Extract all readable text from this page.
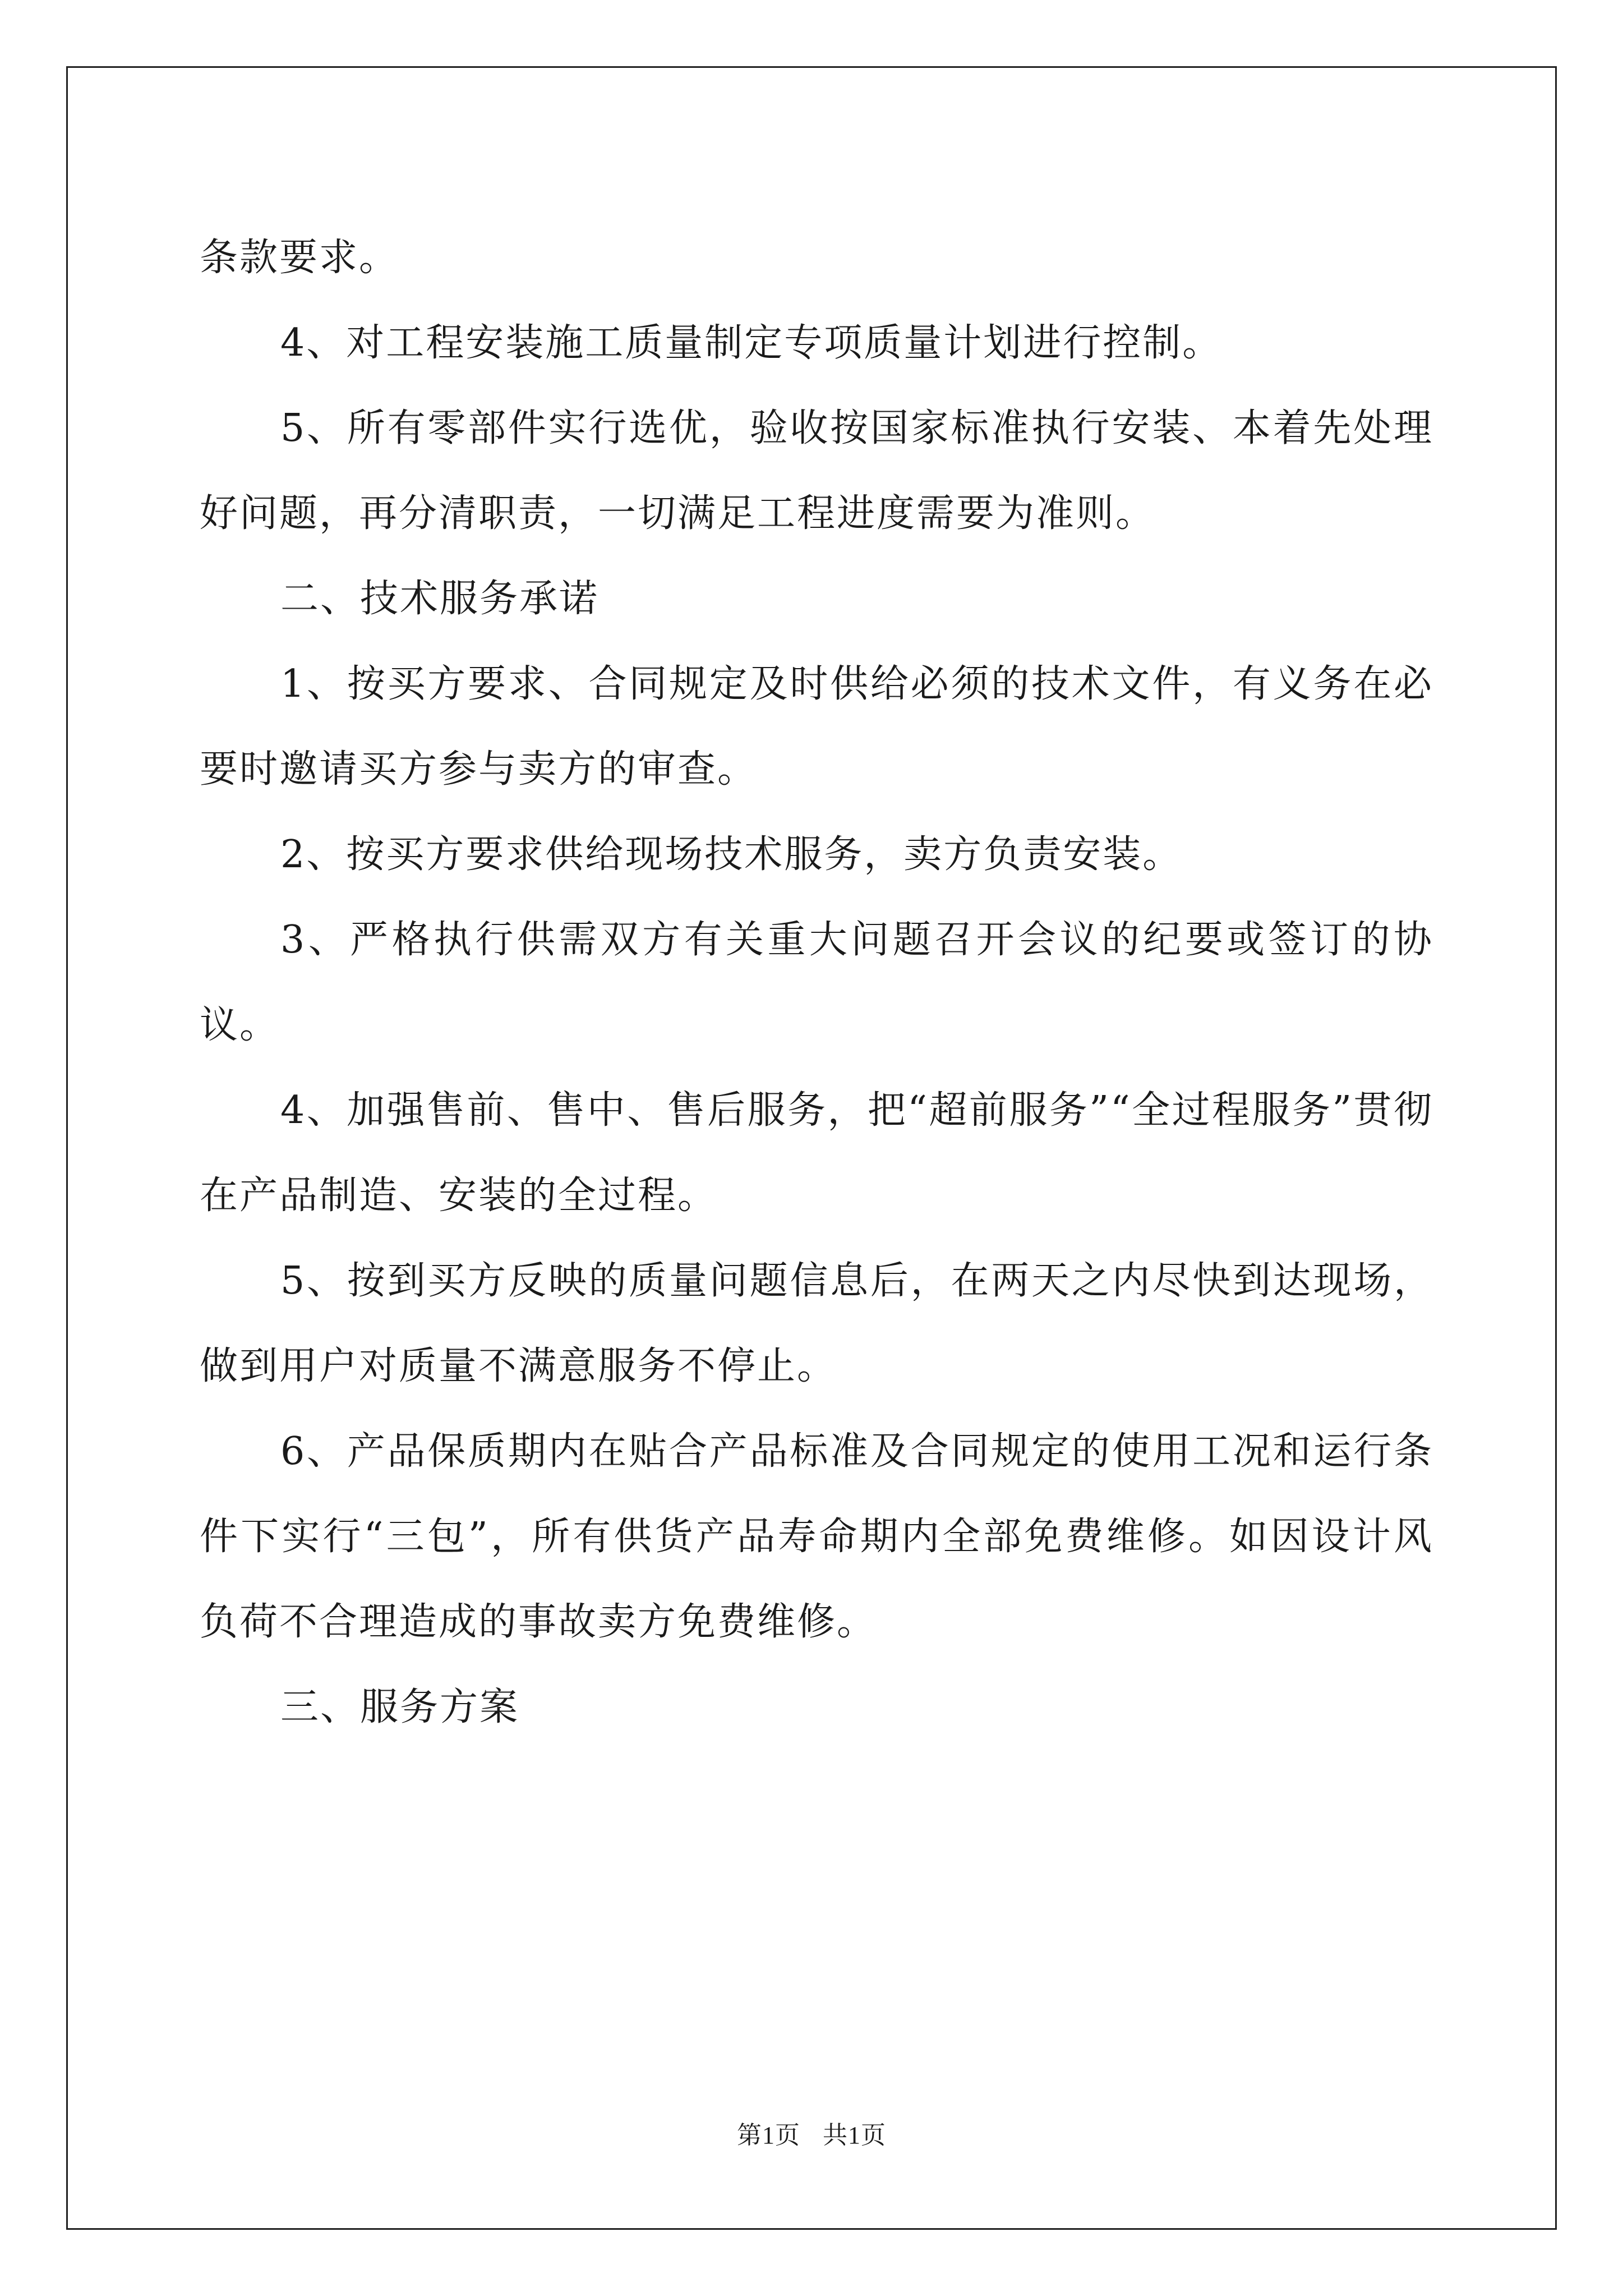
条款要求。

4、对工程安装施工质量制定专项质量计划进行控制。

5、所有零部件实行选优，验收按国家标准执行安装、本着先处理好问题，再分清职责，一切满足工程进度需要为准则。

二、技术服务承诺

1、按买方要求、合同规定及时供给必须的技术文件，有义务在必要时邀请买方参与卖方的审查。

2、按买方要求供给现场技术服务，卖方负责安装。

3、严格执行供需双方有关重大问题召开会议的纪要或签订的协议。

4、加强售前、售中、售后服务，把“超前服务”“全过程服务”贯彻在产品制造、安装的全过程。

5、按到买方反映的质量问题信息后，在两天之内尽快到达现场，做到用户对质量不满意服务不停止。

6、产品保质期内在贴合产品标准及合同规定的使用工况和运行条件下实行“三包”，所有供货产品寿命期内全部免费维修。如因设计风负荷不合理造成的事故卖方免费维修。

三、服务方案

第1页 共1页
